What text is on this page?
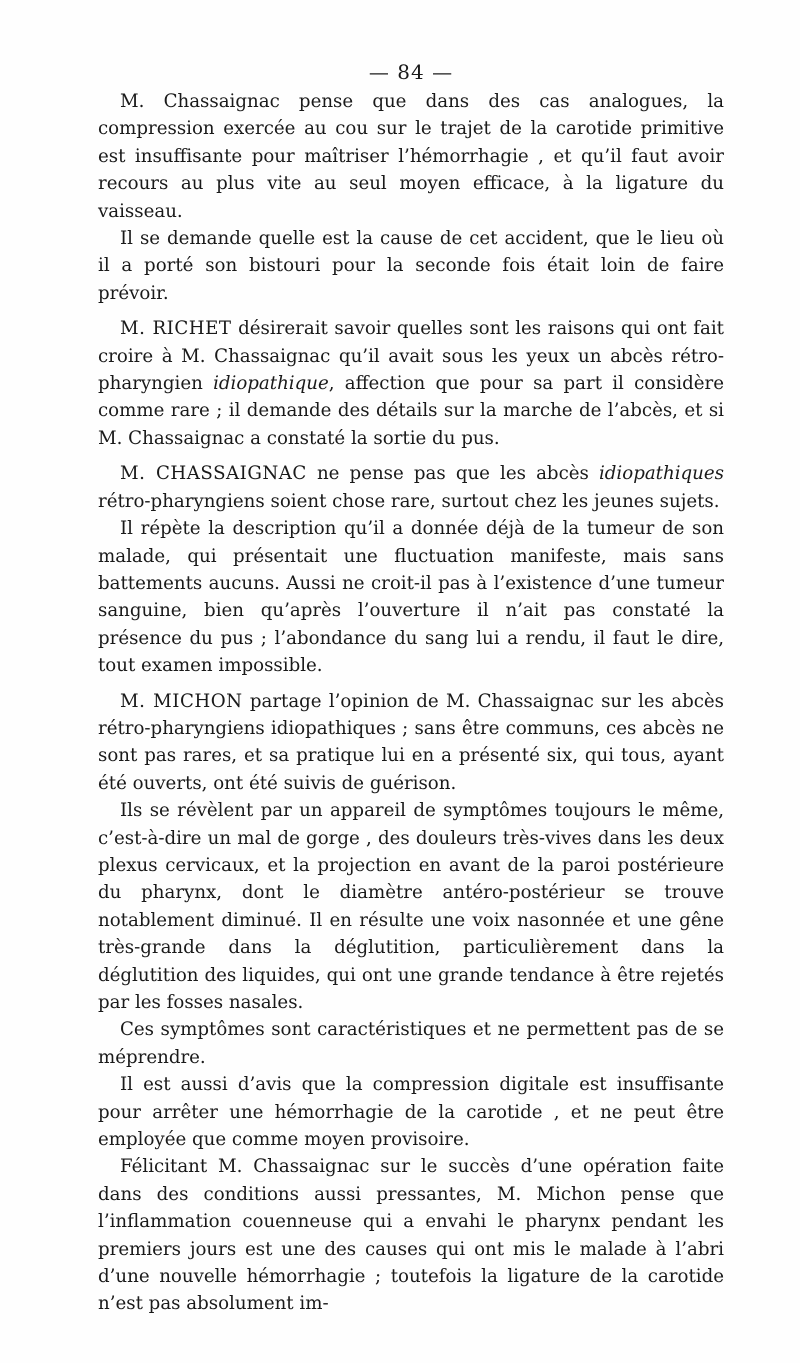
— 84 —

M. Chassaignac pense que dans des cas analogues, la compression exercée au cou sur le trajet de la carotide primitive est insuffisante pour maîtriser l’hémorrhagie , et qu’il faut avoir recours au plus vite au seul moyen efficace, à la ligature du vaisseau.

Il se demande quelle est la cause de cet accident, que le lieu où il a porté son bistouri pour la seconde fois était loin de faire prévoir.

M. RICHET désirerait savoir quelles sont les raisons qui ont fait croire à M. Chassaignac qu’il avait sous les yeux un abcès rétro-pharyngien idiopathique, affection que pour sa part il considère comme rare ; il demande des détails sur la marche de l’abcès, et si M. Chassaignac a constaté la sortie du pus.

M. CHASSAIGNAC ne pense pas que les abcès idiopathiques rétro-pharyngiens soient chose rare, surtout chez les jeunes sujets.

Il répète la description qu’il a donnée déjà de la tumeur de son malade, qui présentait une fluctuation manifeste, mais sans battements aucuns. Aussi ne croit-il pas à l’existence d’une tumeur sanguine, bien qu’après l’ouverture il n’ait pas constaté la présence du pus ; l’abondance du sang lui a rendu, il faut le dire, tout examen impossible.

M. MICHON partage l’opinion de M. Chassaignac sur les abcès rétro-pharyngiens idiopathiques ; sans être communs, ces abcès ne sont pas rares, et sa pratique lui en a présenté six, qui tous, ayant été ouverts, ont été suivis de guérison.

Ils se révèlent par un appareil de symptômes toujours le même, c’est-à-dire un mal de gorge , des douleurs très-vives dans les deux plexus cervicaux, et la projection en avant de la paroi postérieure du pharynx, dont le diamètre antéro-postérieur se trouve notablement diminué. Il en résulte une voix nasonnée et une gêne très-grande dans la déglutition, particulièrement dans la déglutition des liquides, qui ont une grande tendance à être rejetés par les fosses nasales.

Ces symptômes sont caractéristiques et ne permettent pas de se méprendre.

Il est aussi d’avis que la compression digitale est insuffisante pour arrêter une hémorrhagie de la carotide , et ne peut être employée que comme moyen provisoire.

Félicitant M. Chassaignac sur le succès d’une opération faite dans des conditions aussi pressantes, M. Michon pense que l’inflammation couenneuse qui a envahi le pharynx pendant les premiers jours est une des causes qui ont mis le malade à l’abri d’une nouvelle hémorrhagie ; toutefois la ligature de la carotide n’est pas absolument im-
